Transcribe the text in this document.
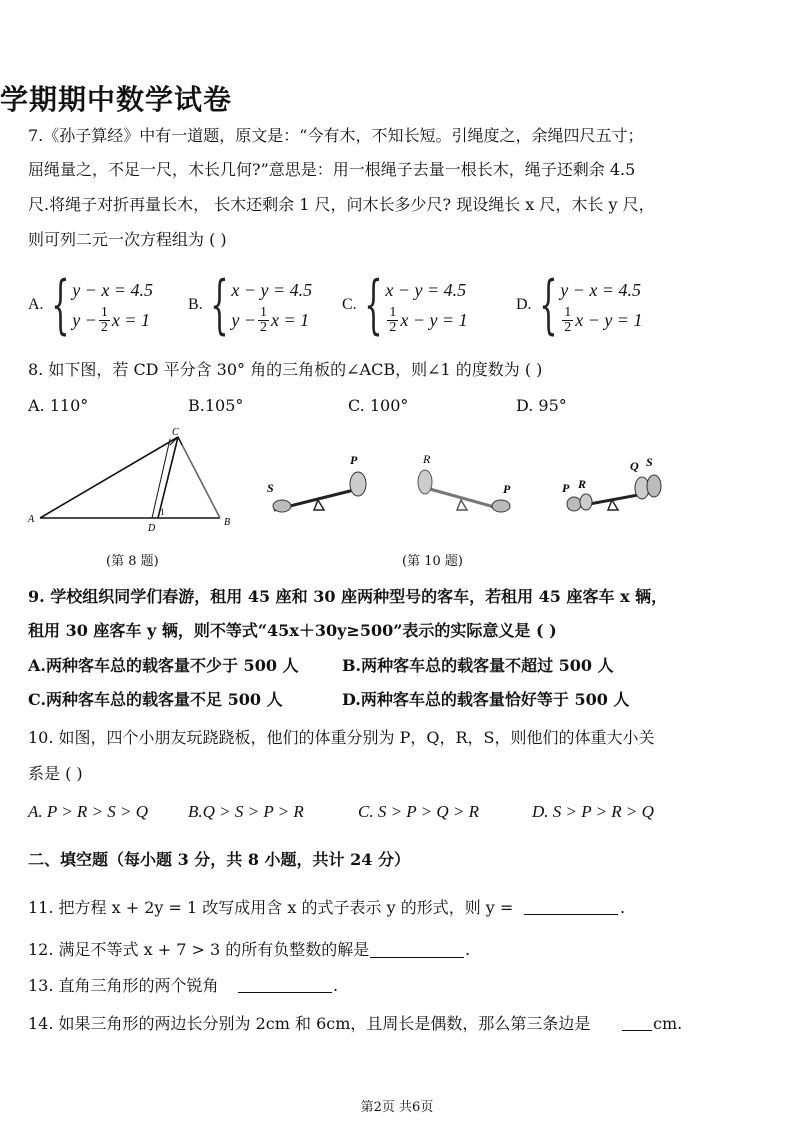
学期期中数学试卷
7.《孙子算经》中有一道题，原文是：“今有木，不知长短。引绳度之，余绳四尺五寸；
屈绳量之，不足一尺，木长几何?”意思是：用一根绳子去量一根长木，绳子还剩余 4.5
尺.将绳子对折再量长木， 长木还剩余 1 尺，问木长多少尺? 现设绳长 x 尺，木长 y 尺，
则可列二元一次方程组为 ( )
A. { y − x = 4.5
$y - \frac{1}{2}$ x = 1
B. { x − y = 4.5
$y - \frac{1}{2}$ x = 1
C. { x − y = 4.5
$\frac{1}{2}$ x − y = 1
D. { y − x = 4.5
$\frac{1}{2}$ x − y = 1
8. 如下图，若 CD 平分含 30° 角的三角板的∠ACB，则∠1 的度数为 ( )
A. 110°	B.105°	C. 100°	D. 95°
A	B
C
D
1
(第 8 题)
S
P	R
P	P R
Q S
(第 10 题)
9. 学校组织同学们春游，租用 45 座和 30 座两种型号的客车，若租用 45 座客车 x 辆，
租用 30 座客车 y 辆，则不等式“45x＋30y≥500”表示的实际意义是 ( )
A.两种客车总的载客量不少于 500 人	B.两种客车总的载客量不超过 500 人
C.两种客车总的载客量不足 500 人	D.两种客车总的载客量恰好等于 500 人
10. 如图，四个小朋友玩跷跷板，他们的体重分别为 P，Q，R，S，则他们的体重大小关
系是 ( )
A. P > R > S > Q B.Q > S > P > R	C. S > P > Q > R	D. S > P > R > Q
二、填空题（每小题 3 分，共 8 小题，共计 24 分）
11. 把方程 x + 2y = 1 改写成用含 x 的式子表示 y 的形式，则 y =	.
12. 满足不等式 x + 7 > 3 的所有负整数的解是	.
13. 直角三角形的两个锐角	.
14. 如果三角形的两边长分别为 2cm 和 6cm，且周长是偶数，那么第三条边是	cm.
第2页 共6页
